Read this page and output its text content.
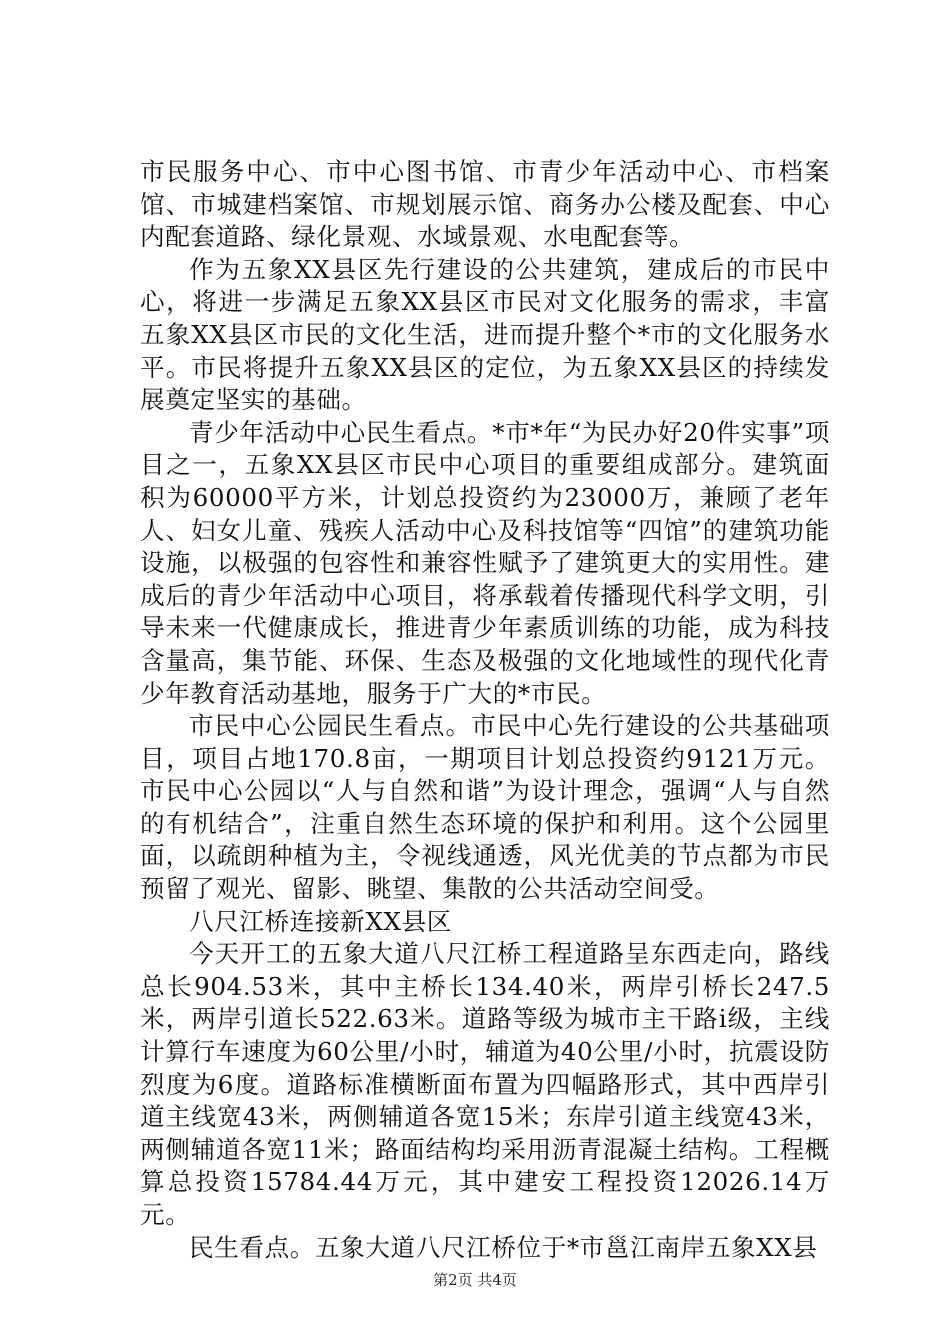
市民服务中心、市中心图书馆、市青少年活动中心、市档案馆、市城建档案馆、市规划展示馆、商务办公楼及配套、中心内配套道路、绿化景观、水域景观、水电配套等。

作为五象XX县区先行建设的公共建筑，建成后的市民中心，将进一步满足五象XX县区市民对文化服务的需求，丰富五象XX县区市民的文化生活，进而提升整个*市的文化服务水平。市民将提升五象XX县区的定位，为五象XX县区的持续发展奠定坚实的基础。

青少年活动中心民生看点。*市*年“为民办好20件实事”项目之一，五象XX县区市民中心项目的重要组成部分。建筑面积为60000平方米，计划总投资约为23000万，兼顾了老年人、妇女儿童、残疾人活动中心及科技馆等“四馆”的建筑功能设施，以极强的包容性和兼容性赋予了建筑更大的实用性。建成后的青少年活动中心项目，将承载着传播现代科学文明，引导未来一代健康成长，推进青少年素质训练的功能，成为科技含量高，集节能、环保、生态及极强的文化地域性的现代化青少年教育活动基地，服务于广大的*市民。

市民中心公园民生看点。市民中心先行建设的公共基础项目，项目占地170.8亩，一期项目计划总投资约9121万元。市民中心公园以“人与自然和谐”为设计理念，强调“人与自然的有机结合”，注重自然生态环境的保护和利用。这个公园里面，以疏朗种植为主，令视线通透，风光优美的节点都为市民预留了观光、留影、眺望、集散的公共活动空间受。

八尺江桥连接新XX县区

今天开工的五象大道八尺江桥工程道路呈东西走向，路线总长904.53米，其中主桥长134.40米，两岸引桥长247.5米，两岸引道长522.63米。道路等级为城市主干路i级，主线计算行车速度为60公里/小时，辅道为40公里/小时，抗震设防烈度为6度。道路标准横断面布置为四幅路形式，其中西岸引道主线宽43米，两侧辅道各宽15米；东岸引道主线宽43米，两侧辅道各宽11米；路面结构均采用沥青混凝土结构。工程概算总投资15784.44万元，其中建安工程投资12026.14万元。

民生看点。五象大道八尺江桥位于*市邕江南岸五象XX县

第2页 共4页
